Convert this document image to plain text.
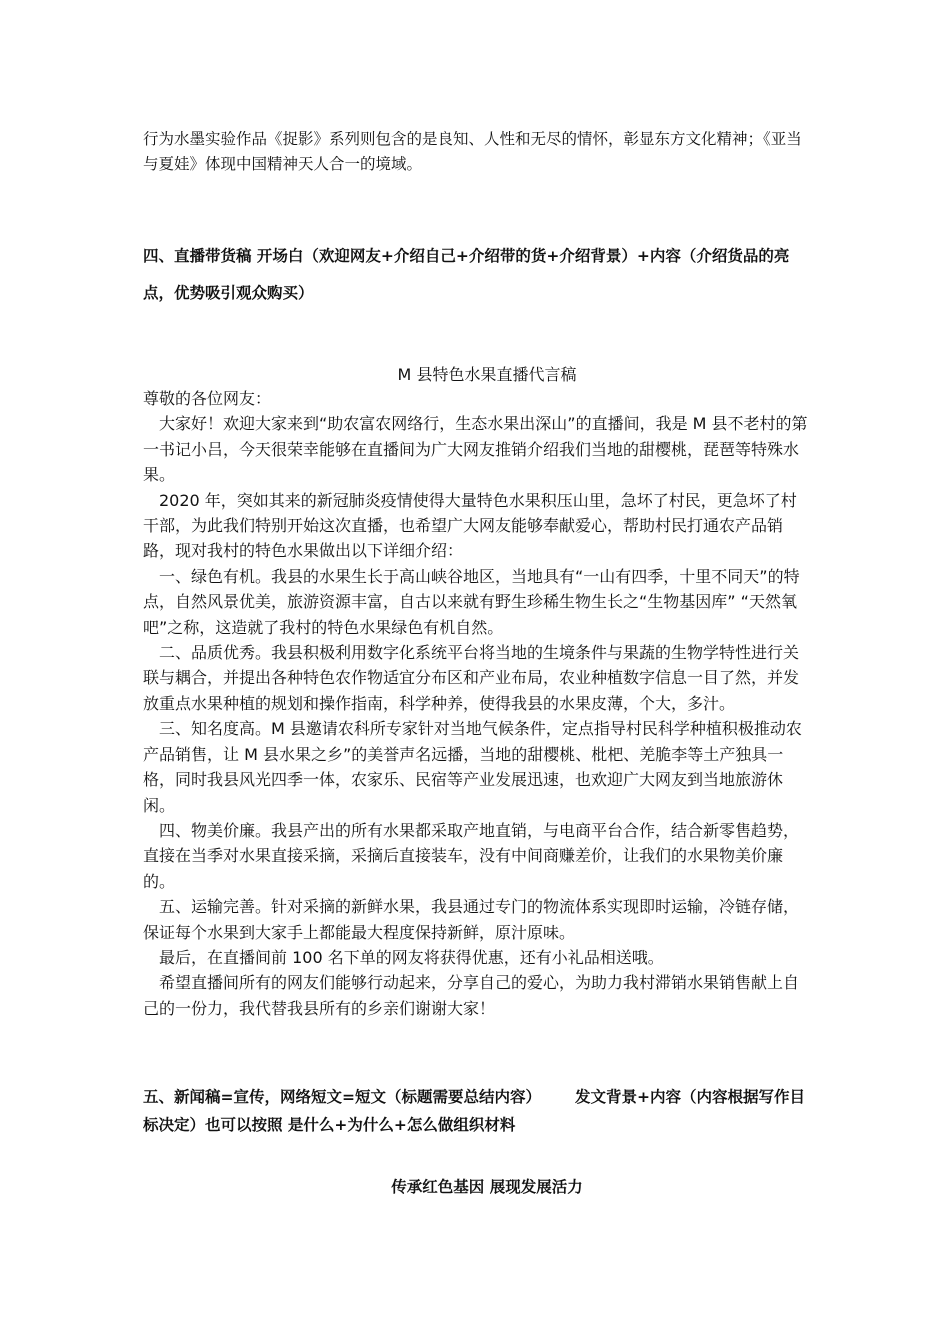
行为水墨实验作品《捉影》系列则包含的是良知、人性和无尽的情怀，彰显东方文化精神；《亚当与夏娃》体现中国精神天人合一的境域。
四、直播带货稿 开场白（欢迎网友+介绍自己+介绍带的货+介绍背景）+内容（介绍货品的亮点，优势吸引观众购买）
M 县特色水果直播代言稿

尊敬的各位网友：

大家好！欢迎大家来到“助农富农网络行，生态水果出深山”的直播间，我是 M 县不老村的第一书记小吕，今天很荣幸能够在直播间为广大网友推销介绍我们当地的甜樱桃，琵琶等特殊水果。

2020 年，突如其来的新冠肺炎疫情使得大量特色水果积压山里，急坏了村民，更急坏了村干部，为此我们特别开始这次直播，也希望广大网友能够奉献爱心，帮助村民打通农产品销路，现对我村的特色水果做出以下详细介绍：

一、绿色有机。我县的水果生长于高山峡谷地区，当地具有“一山有四季，十里不同天”的特点，自然风景优美，旅游资源丰富，自古以来就有野生珍稀生物生长之“生物基因库” “天然氧吧”之称，这造就了我村的特色水果绿色有机自然。

二、品质优秀。我县积极利用数字化系统平台将当地的生境条件与果蔬的生物学特性进行关联与耦合，并提出各种特色农作物适宜分布区和产业布局，农业种植数字信息一目了然，并发放重点水果种植的规划和操作指南，科学种养，使得我县的水果皮薄，个大，多汁。

三、知名度高。M 县邀请农科所专家针对当地气候条件，定点指导村民科学种植积极推动农产品销售，让 M 县水果之乡”的美誉声名远播，当地的甜樱桃、枇杷、羌脆李等土产独具一格，同时我县风光四季一体，农家乐、民宿等产业发展迅速，也欢迎广大网友到当地旅游休闲。

四、物美价廉。我县产出的所有水果都采取产地直销，与电商平台合作，结合新零售趋势，直接在当季对水果直接采摘，采摘后直接装车，没有中间商赚差价，让我们的水果物美价廉的。

五、运输完善。针对采摘的新鲜水果，我县通过专门的物流体系实现即时运输，冷链存储，保证每个水果到大家手上都能最大程度保持新鲜，原汁原味。

最后，在直播间前 100 名下单的网友将获得优惠，还有小礼品相送哦。

希望直播间所有的网友们能够行动起来，分享自己的爱心，为助力我村滞销水果销售献上自己的一份力，我代替我县所有的乡亲们谢谢大家！

五、新闻稿=宣传，网络短文=短文（标题需要总结内容） 发文背景+内容（内容根据写作目标决定）也可以按照 是什么+为什么+怎么做组织材料
传承红色基因 展现发展活力
